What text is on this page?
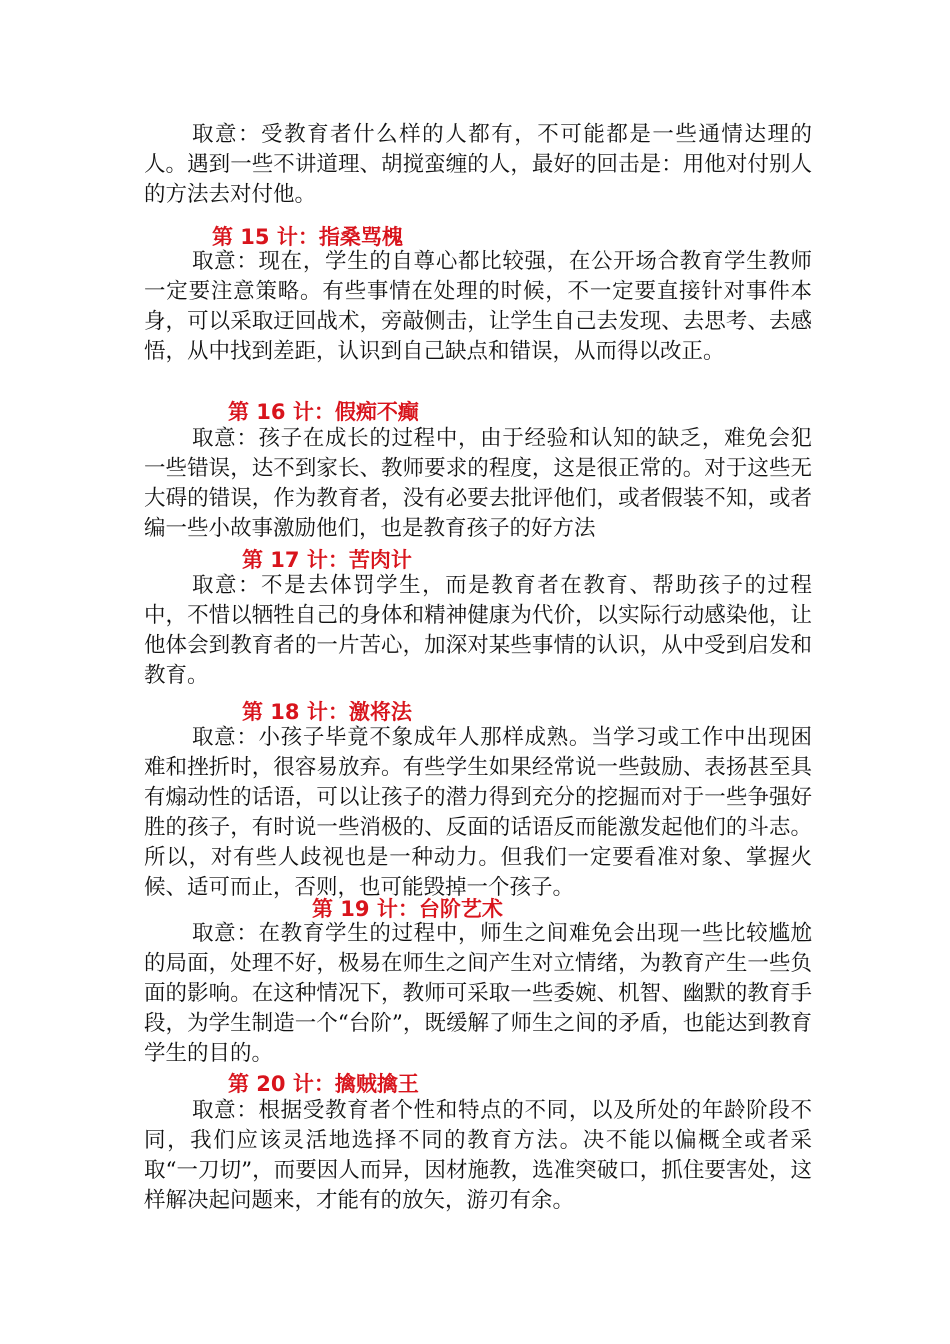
取意：受教育者什么样的人都有，不可能都是一些通情达理的人。遇到一些不讲道理、胡搅蛮缠的人，最好的回击是：用他对付别人的方法去对付他。

第 15 计：指桑骂槐

取意：现在，学生的自尊心都比较强，在公开场合教育学生教师一定要注意策略。有些事情在处理的时候，不一定要直接针对事件本身，可以采取迂回战术，旁敲侧击，让学生自己去发现、去思考、去感悟，从中找到差距，认识到自己缺点和错误，从而得以改正。

第 16 计：假痴不癫

取意：孩子在成长的过程中，由于经验和认知的缺乏，难免会犯一些错误，达不到家长、教师要求的程度，这是很正常的。对于这些无大碍的错误，作为教育者，没有必要去批评他们，或者假装不知，或者编一些小故事激励他们，也是教育孩子的好方法

第 17 计：苦肉计

取意：不是去体罚学生，而是教育者在教育、帮助孩子的过程中，不惜以牺牲自己的身体和精神健康为代价，以实际行动感染他，让他体会到教育者的一片苦心，加深对某些事情的认识，从中受到启发和教育。

第 18 计：激将法

取意：小孩子毕竟不象成年人那样成熟。当学习或工作中出现困难和挫折时，很容易放弃。有些学生如果经常说一些鼓励、表扬甚至具有煽动性的话语，可以让孩子的潜力得到充分的挖掘而对于一些争强好胜的孩子，有时说一些消极的、反面的话语反而能激发起他们的斗志。所以，对有些人歧视也是一种动力。但我们一定要看准对象、掌握火候、适可而止，否则，也可能毁掉一个孩子。

第 19 计：台阶艺术

取意：在教育学生的过程中，师生之间难免会出现一些比较尴尬的局面，处理不好，极易在师生之间产生对立情绪，为教育产生一些负面的影响。在这种情况下，教师可采取一些委婉、机智、幽默的教育手段，为学生制造一个“台阶”，既缓解了师生之间的矛盾，也能达到教育学生的目的。

第 20 计：擒贼擒王

取意：根据受教育者个性和特点的不同，以及所处的年龄阶段不同，我们应该灵活地选择不同的教育方法。决不能以偏概全或者采取“一刀切”，而要因人而异，因材施教，选准突破口，抓住要害处，这样解决起问题来，才能有的放矢，游刃有余。
